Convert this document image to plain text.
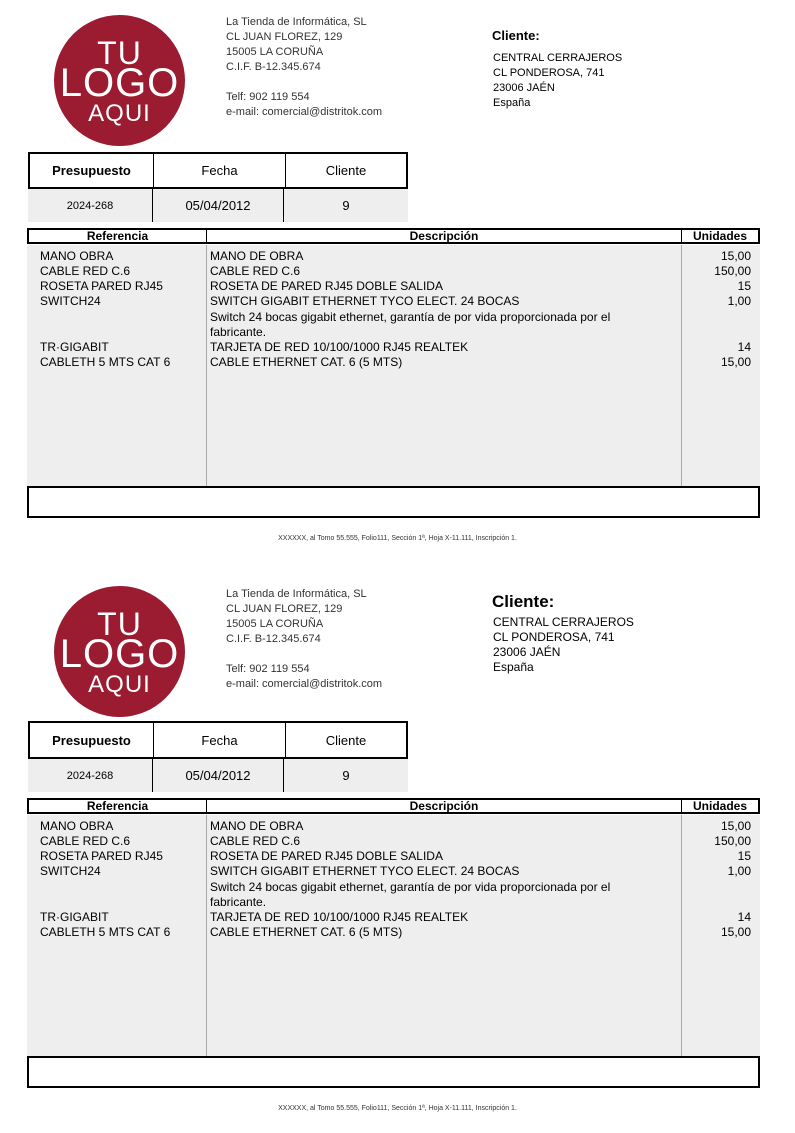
TU
LOGO
AQUI
La Tienda de Informática, SL
CL JUAN FLOREZ, 129
15005 LA CORUÑA
C.I.F. B-12.345.674
Telf: 902 119 554
e-mail: comercial@distritok.com
Cliente:
CENTRAL CERRAJEROS
CL PONDEROSA, 741
23006 JAÉN
España
Presupuesto	Fecha	Cliente
2024-268	05/04/2012	9
Referencia	Descripción	Unidades
MANO OBRA	MANO DE OBRA	15,00
CABLE RED C.6	CABLE RED C.6	150,00
ROSETA PARED RJ45	ROSETA DE PARED RJ45 DOBLE SALIDA	15
SWITCH24	SWITCH GIGABIT ETHERNET TYCO ELECT. 24 BOCAS	1,00
Switch 24 bocas gigabit ethernet, garantía de por vida proporcionada por el
fabricante.
TR·GIGABIT	TARJETA DE RED 10/100/1000 RJ45 REALTEK	14
CABLETH 5 MTS CAT 6	CABLE ETHERNET CAT. 6 (5 MTS)	15,00
XXXXXX, al Tomo 55.555, Folio111, Sección 1ª, Hoja X-11.111, Inscripción 1.
TU
LOGO
AQUI
La Tienda de Informática, SL
CL JUAN FLOREZ, 129
15005 LA CORUÑA
C.I.F. B-12.345.674
Telf: 902 119 554
e-mail: comercial@distritok.com
Cliente:
CENTRAL CERRAJEROS
CL PONDEROSA, 741
23006 JAÉN
España
Presupuesto	Fecha	Cliente
2024-268	05/04/2012	9
Referencia	Descripción	Unidades
MANO OBRA	MANO DE OBRA	15,00
CABLE RED C.6	CABLE RED C.6	150,00
ROSETA PARED RJ45	ROSETA DE PARED RJ45 DOBLE SALIDA	15
SWITCH24	SWITCH GIGABIT ETHERNET TYCO ELECT. 24 BOCAS	1,00
Switch 24 bocas gigabit ethernet, garantía de por vida proporcionada por el
fabricante.
TR·GIGABIT	TARJETA DE RED 10/100/1000 RJ45 REALTEK	14
CABLETH 5 MTS CAT 6	CABLE ETHERNET CAT. 6 (5 MTS)	15,00
XXXXXX, al Tomo 55.555, Folio111, Sección 1ª, Hoja X-11.111, Inscripción 1.
